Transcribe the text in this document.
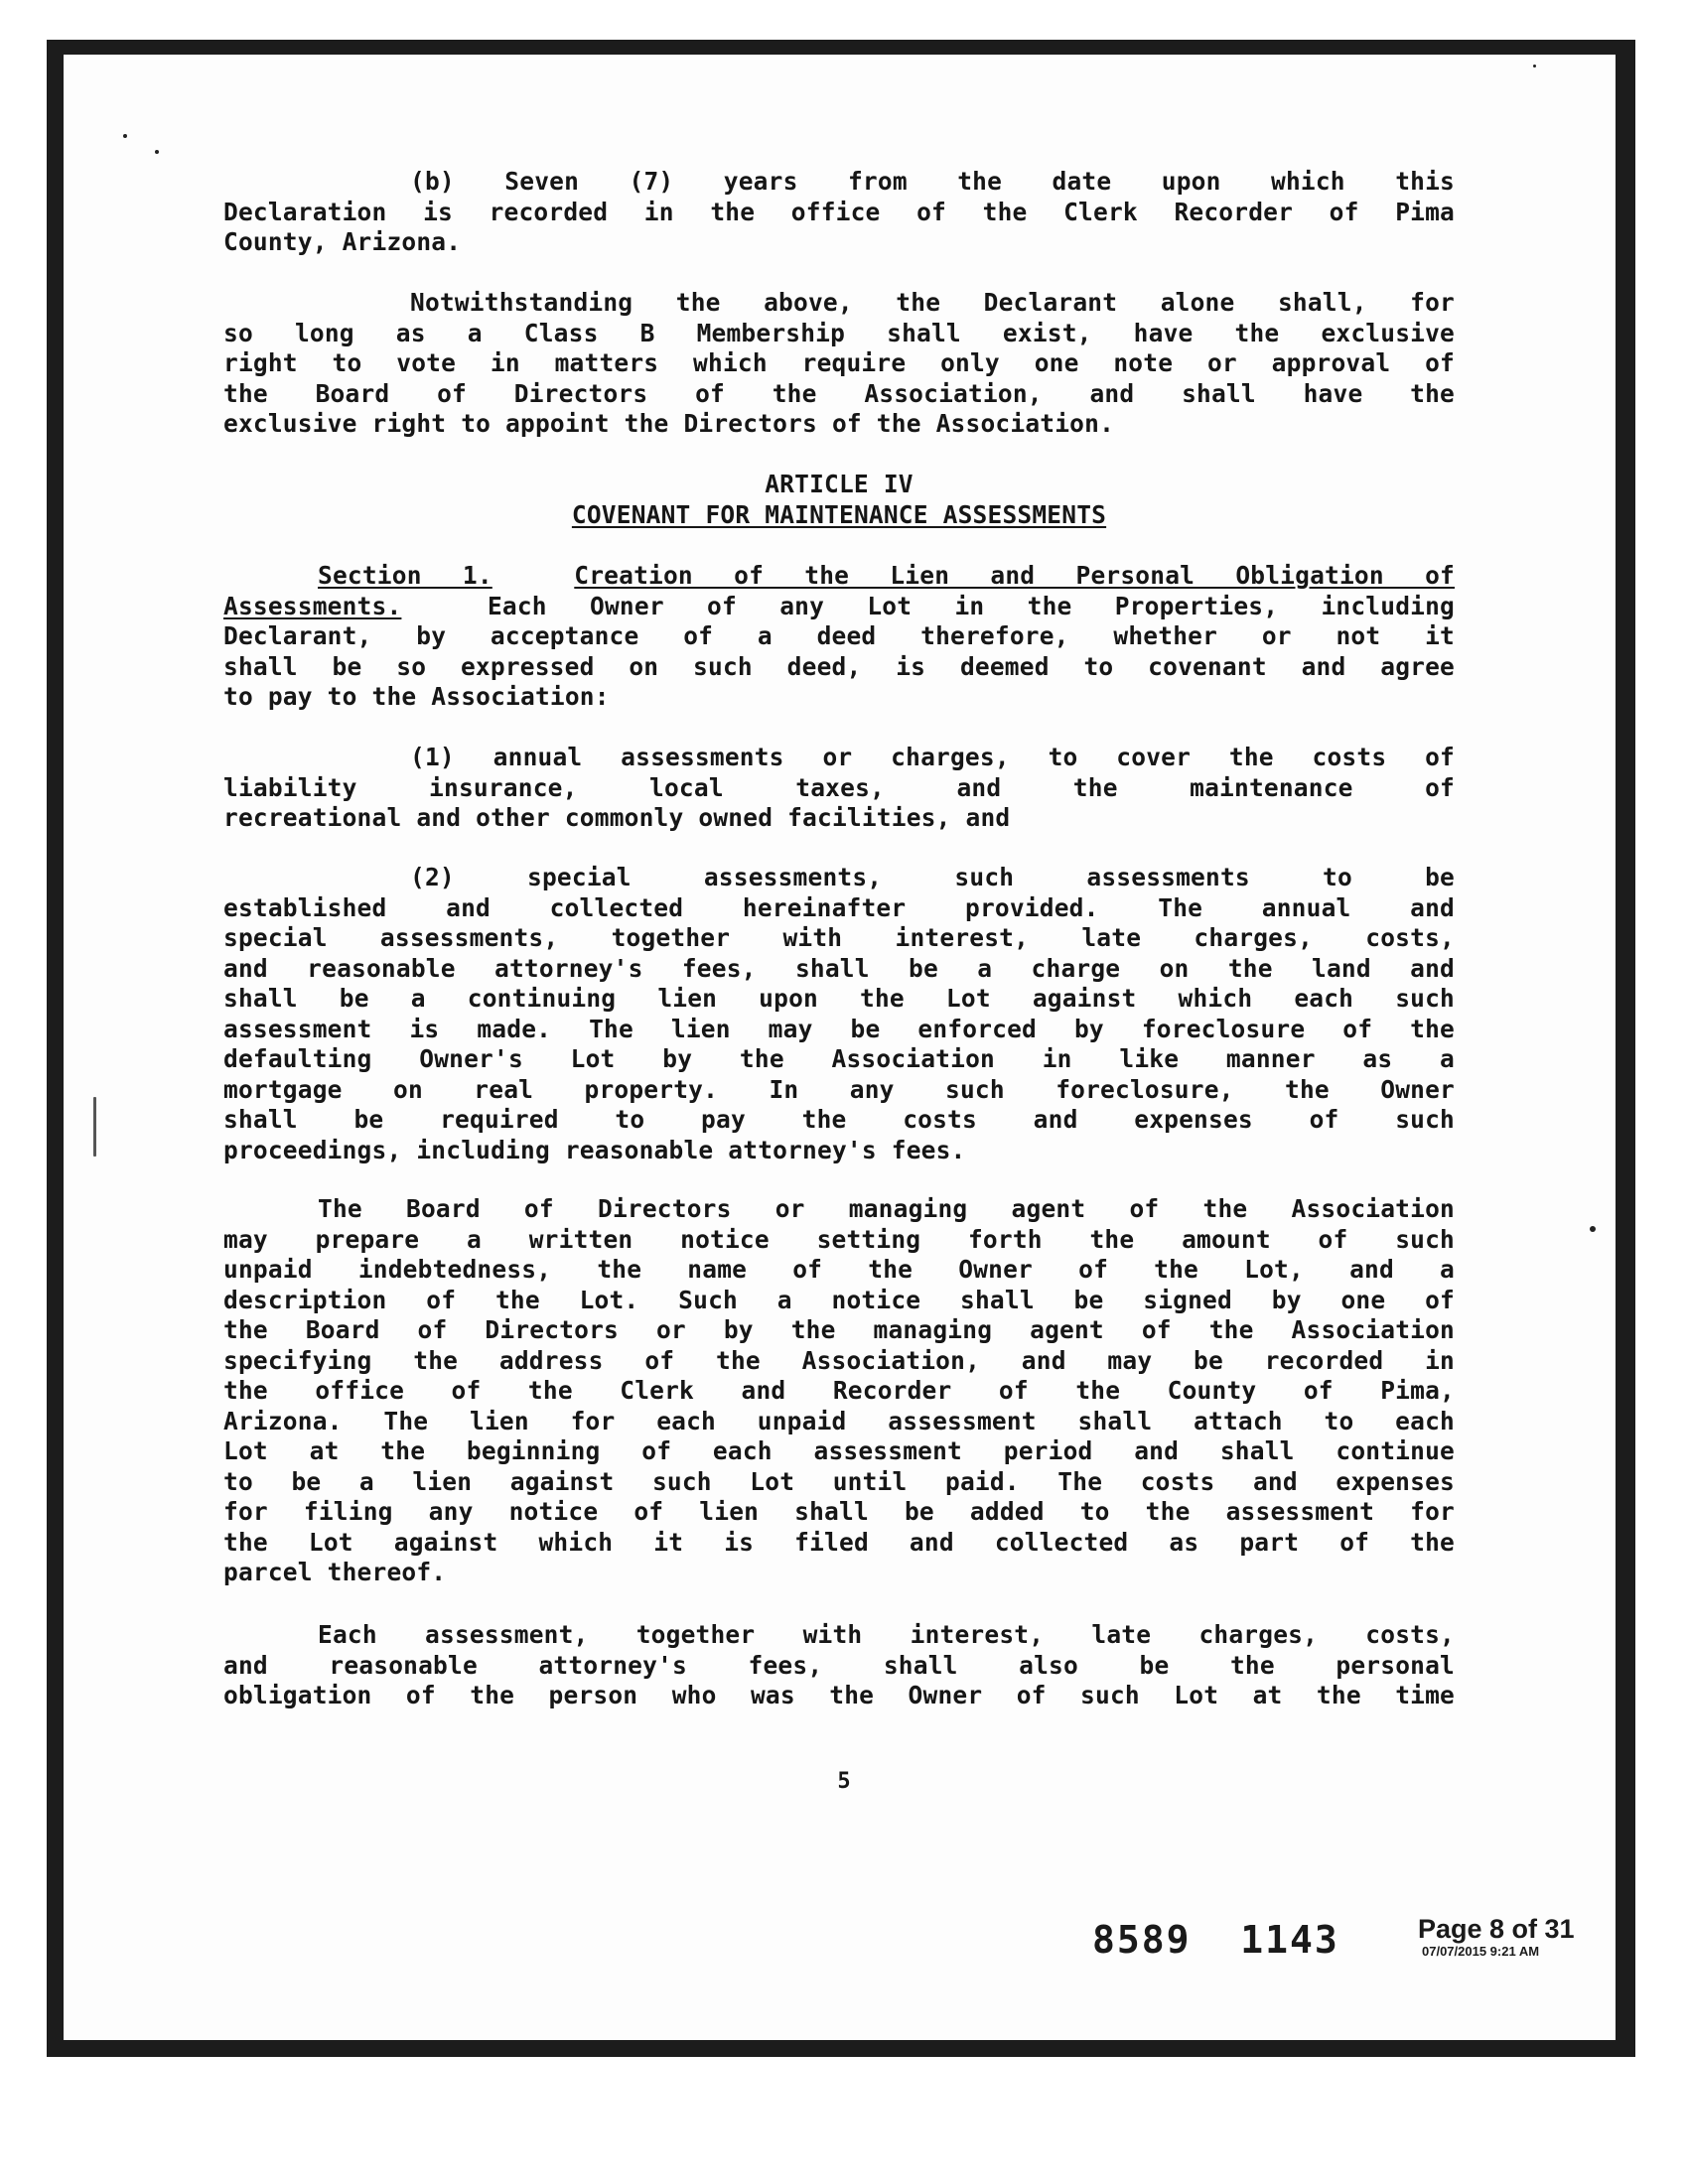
(b) Seven (7) years from the date upon which this
Declaration is recorded in the office of the Clerk Recorder of Pima
County, Arizona.
Notwithstanding the above, the Declarant alone shall, for
so long as a Class B Membership shall exist, have the exclusive
right to vote in matters which require only one note or approval of
the Board of Directors of the Association, and shall have the
exclusive right to appoint the Directors of the Association.
ARTICLE IV
COVENANT FOR MAINTENANCE ASSESSMENTS
Section 1.	Creation of the Lien and Personal Obligation of
Assessments.	Each Owner of any Lot in the Properties, including
Declarant, by acceptance of a deed therefore, whether or not it
shall be so expressed on such deed, is deemed to covenant and agree
to pay to the Association:
(1) annual assessments or charges, to cover the costs of
liability insurance, local taxes, and the maintenance of
recreational and other commonly owned facilities, and
(2) special assessments, such assessments to be
established and collected hereinafter provided. The annual and
special assessments, together with interest, late charges, costs,
and reasonable attorney's fees, shall be a charge on the land and
shall be a continuing lien upon the Lot against which each such
assessment is made. The lien may be enforced by foreclosure of the
defaulting Owner's Lot by the Association in like manner as a
mortgage on real property. In any such foreclosure, the Owner
shall be required to pay the costs and expenses of such
proceedings, including reasonable attorney's fees.
The Board of Directors or managing agent of the Association
may prepare a written notice setting forth the amount of such
unpaid indebtedness, the name of the Owner of the Lot, and a
description of the Lot. Such a notice shall be signed by one of
the Board of Directors or by the managing agent of the Association
specifying the address of the Association, and may be recorded in
the office of the Clerk and Recorder of the County of Pima,
Arizona. The lien for each unpaid assessment shall attach to each
Lot at the beginning of each assessment period and shall continue
to be a lien against such Lot until paid. The costs and expenses
for filing any notice of lien shall be added to the assessment for
the Lot against which it is filed and collected as part of the
parcel thereof.
Each assessment, together with interest, late charges, costs,
and reasonable attorney's fees, shall also be the personal
obligation of the person who was the Owner of such Lot at the time
5
8589  1143	Page 8 of 31
07/07/2015 9:21 AM
